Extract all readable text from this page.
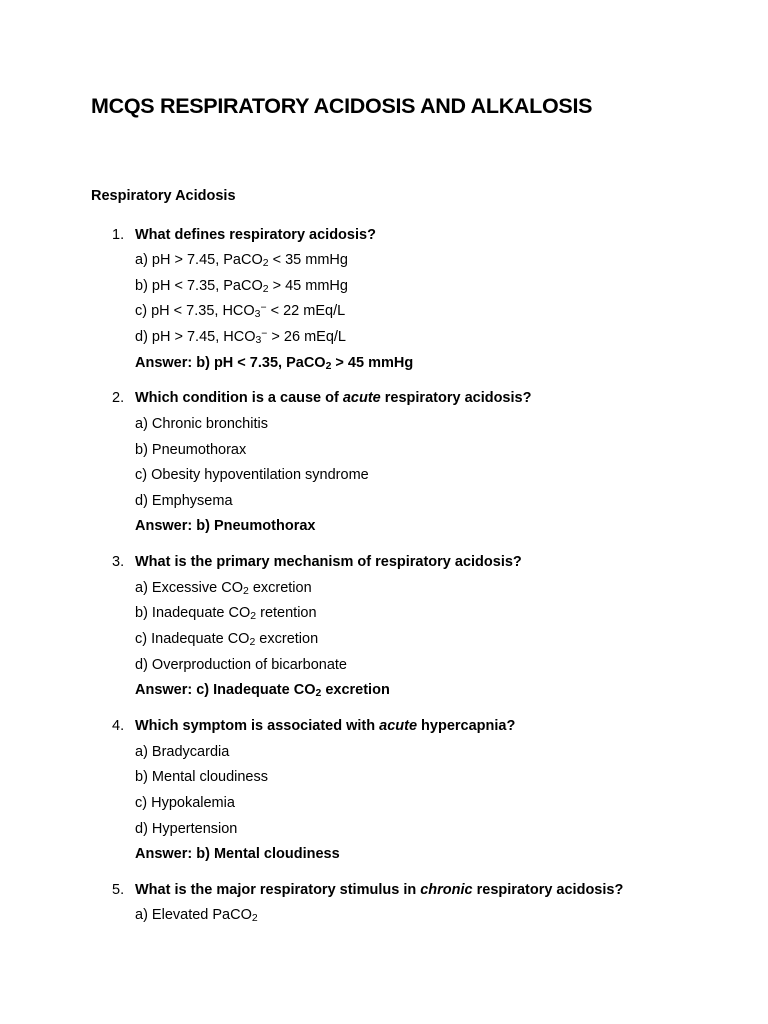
MCQS RESPIRATORY ACIDOSIS AND ALKALOSIS
Respiratory Acidosis
1. What defines respiratory acidosis?
a) pH > 7.45, PaCO$_2$ < 35 mmHg
b) pH < 7.35, PaCO$_2$ > 45 mmHg
c) pH < 7.35, $HCO_3^- < 22$ mEq/L
d) pH > 7.45, $HCO_3^- > 26$ mEq/L
Answer: b) pH < 7.35, PaCO$_2$ > 45 mmHg
2. Which condition is a cause of acute respiratory acidosis?
a) Chronic bronchitis
b) Pneumothorax
c) Obesity hypoventilation syndrome
d) Emphysema
Answer: b) Pneumothorax
3. What is the primary mechanism of respiratory acidosis?
a) Excessive $CO_2$ excretion
b) Inadequate $CO_2$ retention
c) Inadequate $CO_2$ excretion
d) Overproduction of bicarbonate
Answer: c) Inadequate $CO_2$ excretion
4. Which symptom is associated with acute hypercapnia?
a) Bradycardia
b) Mental cloudiness
c) Hypokalemia
d) Hypertension
Answer: b) Mental cloudiness
5. What is the major respiratory stimulus in chronic respiratory acidosis?
a) Elevated PaCO$_2$
